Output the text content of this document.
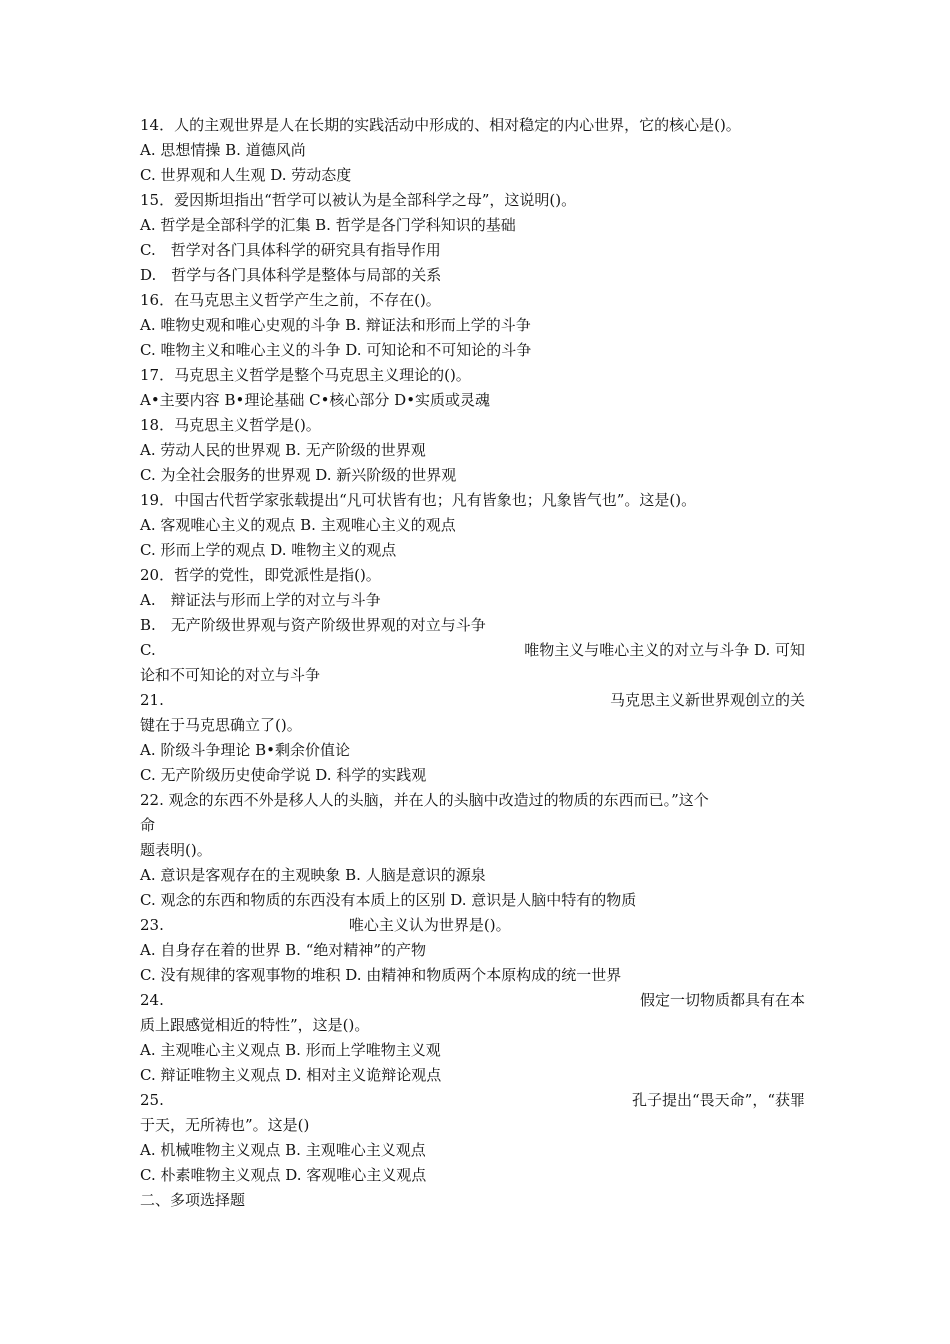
14．人的主观世界是人在长期的实践活动中形成的、相对稳定的内心世界，它的核心是()。
A. 思想情操 B. 道德风尚
C. 世界观和人生观 D. 劳动态度
15．爱因斯坦指出“哲学可以被认为是全部科学之母”，这说明()。
A. 哲学是全部科学的汇集 B. 哲学是各门学科知识的基础
C.　哲学对各门具体科学的研究具有指导作用
D.　哲学与各门具体科学是整体与局部的关系
16．在马克思主义哲学产生之前，不存在()。
A. 唯物史观和唯心史观的斗争 B. 辩证法和形而上学的斗争
C. 唯物主义和唯心主义的斗争 D. 可知论和不可知论的斗争
17．马克思主义哲学是整个马克思主义理论的()。
A•主要内容 B•理论基础 C•核心部分 D•实质或灵魂
18．马克思主义哲学是()。
A. 劳动人民的世界观 B. 无产阶级的世界观
C. 为全社会服务的世界观 D. 新兴阶级的世界观
19．中国古代哲学家张载提出“凡可状皆有也；凡有皆象也；凡象皆气也”。这是()。
A. 客观唯心主义的观点 B. 主观唯心主义的观点
C. 形而上学的观点 D. 唯物主义的观点
20．哲学的党性，即党派性是指()。
A.　辩证法与形而上学的对立与斗争
B.　无产阶级世界观与资产阶级世界观的对立与斗争
C.	唯物主义与唯心主义的对立与斗争 D. 可知
论和不可知论的对立与斗争
21.	马克思主义新世界观创立的关
键在于马克思确立了()。
A. 阶级斗争理论 B•剩余价值论
C. 无产阶级历史使命学说 D. 科学的实践观
22. 观念的东西不外是移人人的头脑，并在人的头脑中改造过的物质的东西而已。”这个
命
题表明()。
A. 意识是客观存在的主观映象 B. 人脑是意识的源泉
C. 观念的东西和物质的东西没有本质上的区别 D. 意识是人脑中特有的物质
23.	唯心主义认为世界是()。
A. 自身存在着的世界 B. “绝对精神”的产物
C. 没有规律的客观事物的堆积 D. 由精神和物质两个本原构成的统一世界
24.	假定一切物质都具有在本
质上跟感觉相近的特性”，这是()。
A. 主观唯心主义观点 B. 形而上学唯物主义观
C. 辩证唯物主义观点 D. 相对主义诡辩论观点
25.	孔子提出“畏天命”，“获罪
于天，无所祷也”。这是()
A. 机械唯物主义观点 B. 主观唯心主义观点
C. 朴素唯物主义观点 D. 客观唯心主义观点
二、多项选择题
